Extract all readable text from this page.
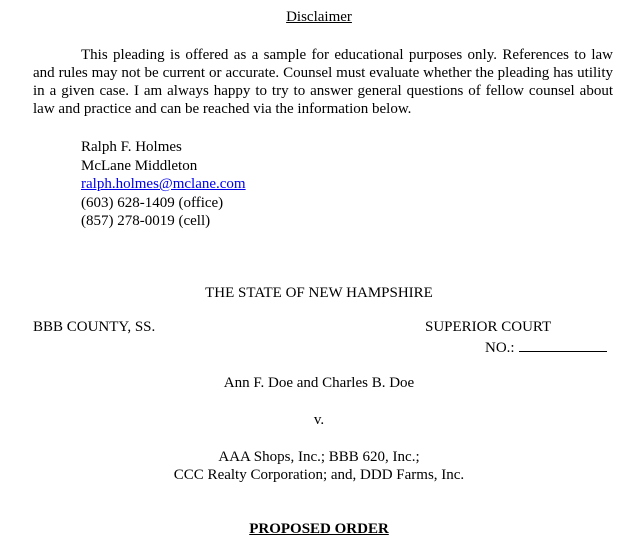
Disclaimer
This pleading is offered as a sample for educational purposes only. References to law and rules may not be current or accurate. Counsel must evaluate whether the pleading has utility in a given case. I am always happy to try to answer general questions of fellow counsel about law and practice and can be reached via the information below.
Ralph F. Holmes
McLane Middleton
ralph.holmes@mclane.com
(603) 628-1409 (office)
(857) 278-0019 (cell)
THE STATE OF NEW HAMPSHIRE
BBB COUNTY, SS.	SUPERIOR COURT
NO.:
Ann F. Doe and Charles B. Doe
v.
AAA Shops, Inc.; BBB 620, Inc.;
CCC Realty Corporation; and, DDD Farms, Inc.
PROPOSED ORDER
